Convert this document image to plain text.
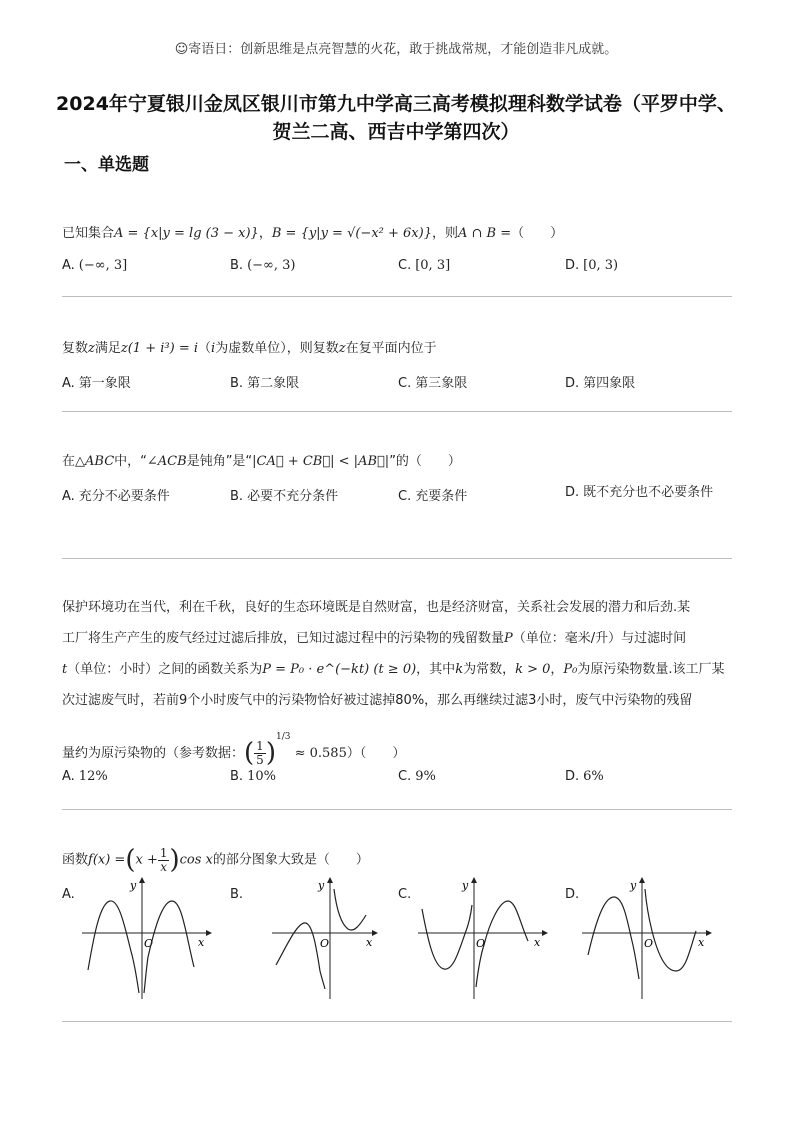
☺寄语日：创新思维是点亮智慧的火花，敢于挑战常规，才能创造非凡成就。
2024年宁夏银川金凤区银川市第九中学高三高考模拟理科数学试卷（平罗中学、贺兰二高、西吉中学第四次）
一、单选题
已知集合A = {x|y = lg (3 − x)}，B = {y|y = √(−x² + 6x)}，则A ∩ B =（　　）
A. (−∞, 3]	B. (−∞, 3)	C. [0, 3]	D. [0, 3)
复数z满足z(1 + i³) = i（i为虚数单位），则复数z在复平面内位于
A. 第一象限	B. 第二象限	C. 第三象限	D. 第四象限
在△ABC中，“∠ACB是钝角”是“|CA⃗ + CB⃗| < |AB⃗|”的（　　）
A. 充分不必要条件	B. 必要不充分条件	C. 充要条件	D. 既不充分也不必要条件
保护环境功在当代，利在千秋，良好的生态环境既是自然财富，也是经济财富，关系社会发展的潜力和后劲.某
工厂将生产产生的废气经过过滤后排放，已知过滤过程中的污染物的残留数量P（单位：毫米/升）与过滤时间
t（单位：小时）之间的函数关系为P = P₀ · e^(−kt) (t ≥ 0)，其中k为常数，k > 0，P₀为原污染物数量.该工厂某
次过滤废气时，若前9个小时废气中的污染物恰好被过滤掉80%，那么再继续过滤3小时，废气中污染物的残留
量约为原污染物的（参考数据：( $\frac{1}{5} )^{1/3} \approx 0.585$）（　　）
A. 12%	B. 10%	C. 9%	D. 6%
函数$f(x) =(x + \frac{1}{x} )\cos$ x的部分图象大致是（　　）
A.
y
x
O
B.
y
x
O
C.
y
x
O
D.
y
x
O
